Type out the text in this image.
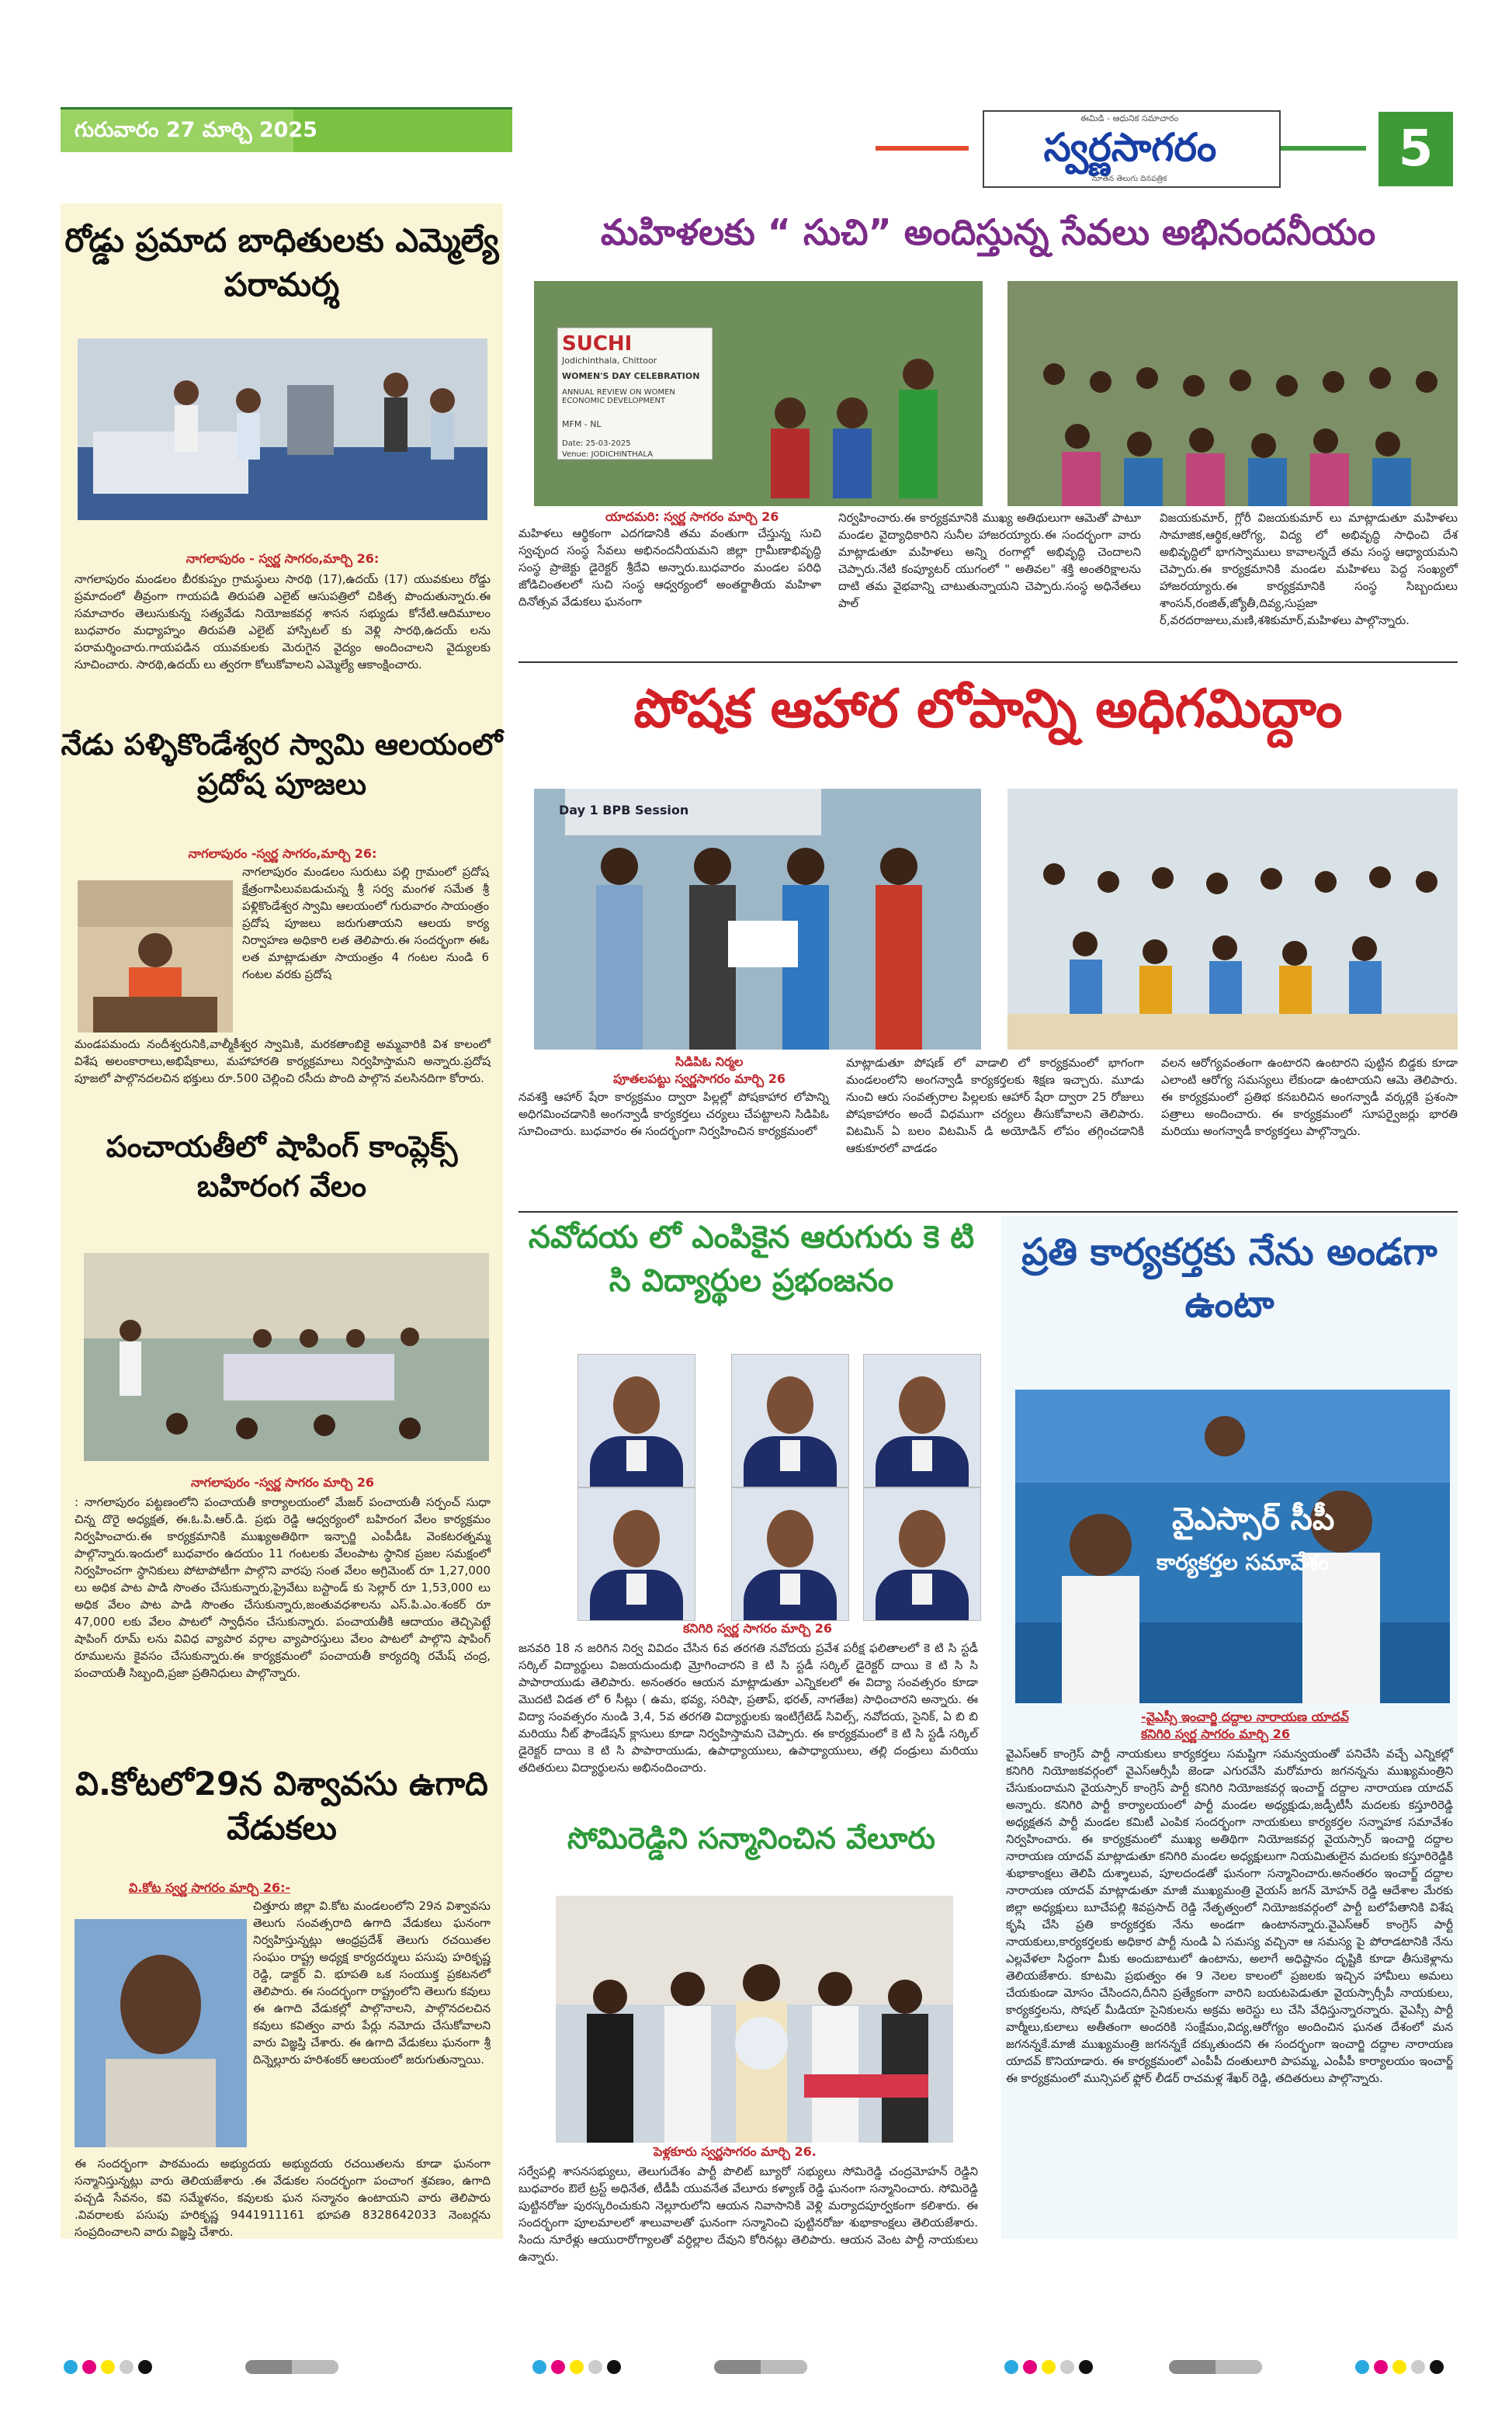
గురువారం 27 మార్చి 2025	ఈమిడి - ఆధునిక సమాచారం
స్వర్ణసాగరం
నూతన తెలుగు దినపత్రిక
5
రోడ్డు ప్రమాద బాధితులకు ఎమ్మెల్యే పరామర్శ
నాగలాపురం - స్వర్ణ సాగరం,మార్చి 26:
నాగలాపురం మండలం బీరకుప్పం గ్రామస్థులు సారథి (17),ఉదయ్ (17) యువకులు రోడ్డు ప్రమాదంలో తీవ్రంగా గాయపడి తిరుపతి ఎలైట్ ఆసుపత్రిలో చికిత్స పొందుతున్నారు.ఈ సమాచారం తెలుసుకున్న సత్యవేడు నియోజకవర్గ శాసన సభ్యుడు కోనేటి.ఆదిమూలం బుధవారం మధ్యాహ్నం తిరుపతి ఎలైట్ హాస్పిటల్ కు వెళ్లి సారథి,ఉదయ్ లను పరామర్శించారు.గాయపడిన యువకులకు మెరుగైన వైద్యం అందించాలని వైద్యులకు సూచించారు. సారథి,ఉదయ్ లు త్వరగా కోలుకోవాలని ఎమ్మెల్యే ఆకాంక్షించారు.
నేడు పళ్ళికొండేశ్వర స్వామి ఆలయంలో ప్రదోష పూజలు
నాగలాపురం -స్వర్ణ సాగరం,మార్చి 26:
నాగలాపురం మండలం సురుటు పల్లి గ్రామంలో ప్రదోష క్షేత్రంగాపిలువబడుచున్న శ్రీ సర్వ మంగళ సమేత శ్రీ పళ్లికొండేశ్వర స్వామి ఆలయంలో గురువారం సాయంత్రం ప్రదోష పూజలు జరుగుతాయని ఆలయ కార్య నిర్వాహణ అధికారి లత తెలిపారు.ఈ సందర్భంగా ఈఓ లత మాట్లాడుతూ సాయంత్రం 4 గంటల నుండి 6 గంటల వరకు ప్రదోష
మండపమందు నందీశ్వరునికి,వాల్మీకీశ్వర స్వామికి, మరకతాంబికై అమ్మవారికి విశ కాలంలో విశేష అలంకారాలు,అభిషేకాలు, మహాహారతి కార్యక్రమాలు నిర్వహిస్తామని అన్నారు.ప్రదోష పూజలో పాల్గొనదలచిన భక్తులు రూ.500 చెల్లించి రసీదు పొంది పాల్గొన వలసినదిగా కోరారు.
పంచాయతీలో షాపింగ్ కాంప్లెక్స్ బహిరంగ వేలం
నాగలాపురం -స్వర్ణ సాగరం మార్చి 26
: నాగలాపురం పట్టణంలోని పంచాయతీ కార్యాలయంలో మేజర్ పంచాయతీ సర్పంచ్ సుధా చిన్న దొరై అధ్యక్షత, ఈ.ఓ.పి.ఆర్.డి. ప్రభు రెడ్డి ఆధ్వర్యంలో బహిరంగ వేలం కార్యక్రమం నిర్వహించారు.ఈ కార్యక్రమానికి ముఖ్యఅతిథిగా ఇన్చార్జి ఎంపీడీఓ వెంకటరత్నమ్మ పాల్గొన్నారు.ఇందులో బుధవారం ఉదయం 11 గంటలకు వేలంపాట స్థానిక ప్రజల సమక్షంలో నిర్వహించగా స్థానికులు పోటాపోటీగా పాల్గొని వారపు సంత వేలం అగ్రిమెంట్ రూ 1,27,000 లు అధిక పాట పాడి సొంతం చేసుకున్నారు,ప్రైవేటు బస్టాండ్ కు సెల్లార్ రూ 1,53,000 లు అధిక వేలం పాట పాడి సొంతం చేసుకున్నారు,జంతువధశాలను ఎస్.పి.ఎం.శంకర్ రూ 47,000 లకు వేలం పాటలో స్వాధీనం చేసుకున్నారు. పంచాయతీకి ఆదాయం తెచ్చిపెట్టే షాపింగ్ రూమ్ లను వివిధ వ్యాపార వర్గాల వ్యాపారస్తులు వేలం పాటలో పాల్గొని షాపింగ్ రూములను కైవసం చేసుకున్నారు.ఈ కార్యక్రమంలో పంచాయతీ కార్యదర్శి రమేష్ చంద్ర, పంచాయతీ సిబ్బంది,ప్రజా ప్రతినిధులు పాల్గొన్నారు.
వి.కోటలో29న విశ్వావసు ఉగాది వేడుకలు
వి.కోట స్వర్ణ సాగరం మార్చి 26:-
చిత్తూరు జిల్లా వి.కోట మండలంలోని 29న విశ్వావసు తెలుగు సంవత్సరాది ఉగాది వేడుకలు ఘనంగా నిర్వహిస్తున్నట్లు ఆంధ్రప్రదేశ్ తెలుగు రచయితల సంఘం రాష్ట్ర అధ్యక్ష కార్యదర్శులు పసుపు హరికృష్ణ రెడ్డి, డాక్టర్ వి. భూపతి ఒక సంయుక్త ప్రకటనలో తెలిపారు. ఈ సందర్భంగా రాష్ట్రంలోని తెలుగు కవులు ఈ ఉగాది వేడుకల్లో పాల్గొనాలని, పాల్గొనదలచిన కవులు కవిత్వం వారు పేర్లు నమోదు చేసుకోవాలని వారు విజ్ఞప్తి చేశారు. ఈ ఉగాది వేడుకలు ఘనంగా శ్రీ దిన్నెల్లూరు హరిశంకర్ ఆలయంలో జరుగుతున్నాయి.
ఈ సందర్భంగా పాఠమందు అభ్యుదయ అభ్యుదయ రచయితలను కూడా ఘనంగా సన్మానిస్తున్నట్లు వారు తెలియజేశారు .ఈ వేడుకల సందర్భంగా పంచాంగ శ్రవణం, ఉగాది పచ్చడి సేవనం, కవి సమ్మేళనం, కవులకు ఘన సన్మానం ఉంటాయని వారు తెలిపారు .వివరాలకు పసుపు హరికృష్ణ 9441911161 భూపతి 8328642033 నెంబర్లను సంప్రదించాలని వారు విజ్ఞప్తి చేశారు.
మహిళలకు “ సుచి” అందిస్తున్న సేవలు అభినందనీయం
SUCHI
Jodichinthala, Chittoor
WOMEN'S DAY CELEBRATION
ANNUAL REVIEW ON WOMEN ECONOMIC DEVELOPMENT
MFM - NL
Date: 25-03-2025
Venue: JODICHINTHALA
యాదమరి: స్వర్ణ సాగరం మార్చి 26
మహిళలు ఆర్థికంగా ఎదగడానికి తమ వంతుగా చేస్తున్న సుచి స్వచ్ఛంద సంస్థ సేవలు అభినందనీయమని జిల్లా గ్రామీణాభివృద్ధి సంస్థ ప్రాజెక్టు డైరెక్టర్ శ్రీదేవి అన్నారు.బుధవారం మండల పరిధి జోడిచింతలలో సుచి సంస్థ ఆధ్వర్యంలో అంతర్జాతీయ మహిళా దినోత్సవ వేడుకలు ఘనంగా
నిర్వహించారు.ఈ కార్యక్రమానికి ముఖ్య అతిథులుగా ఆమెతో పాటూ మండల వైద్యాధికారిని సునీల హాజరయ్యారు.ఈ సందర్భంగా వారు మాట్లాడుతూ మహిళలు అన్ని రంగాల్లో అభివృద్ధి చెందాలని చెప్పారు.నేటి కంప్యూటర్ యుగంలో " అతివల" శక్తి అంతరిక్షాలను దాటి తమ వైభవాన్ని చాటుతున్నాయని చెప్పారు.సంస్థ అధినేతలు పాల్
విజయకుమార్, గ్లోరీ విజయకుమార్ లు మాట్లాడుతూ మహిళలు సామాజిక,ఆర్థిక,ఆరోగ్య, విద్య లో అభివృద్ధి సాధించి దేశ అభివృద్ధిలో భాగస్వాములు కావాలన్నదే తమ సంస్థ ఆధ్యాయమని చెప్పారు.ఈ కార్యక్రమానికి మండల మహిళలు పెద్ద సంఖ్యలో హాజరయ్యారు.ఈ కార్యక్రమానికి సంస్థ సిబ్బందులు శాంసన్,రంజిత్,జ్యోతీ,దివ్య,సుప్రజా ర్,వరదరాజులు,మణి,శశికుమార్,మహిళలు పాల్గొన్నారు.
పోషక ఆహార లోపాన్ని అధిగమిద్దాం
Day 1 BPB Session
సిడిపిఓ నిర్మల
పూతలపట్టు స్వర్ణసాగరం మార్చి 26
నవశక్తి ఆహార్ షేరా కార్యక్రమం ద్వారా పిల్లల్లో పోషకాహార లోపాన్ని అధిగమించడానికి అంగన్వాడీ కార్యకర్తలు చర్యలు చేపట్టాలని సిడిపిఓ సూచించారు. బుధవారం ఈ సందర్భంగా నిర్వహించిన కార్యక్రమంలో
మాట్లాడుతూ పోషణ్ లో వాడాలి లో కార్యక్రమంలో భాగంగా మండలంలోని అంగన్వాడీ కార్యకర్తలకు శిక్షణ ఇచ్చారు. మూడు నుంచి ఆరు సంవత్సరాల పిల్లలకు ఆహార్ షేరా ద్వారా 25 రోజులు పోషకాహారం అందే విధముగా చర్యలు తీసుకోవాలని తెలిపారు. విటమిన్ ఏ బలం విటమిన్ డి అయోడిన్ లోపం తగ్గించడానికి ఆకుకూరలో వాడడం
వలన ఆరోగ్యవంతంగా ఉంటారని ఉంటారని పుట్టిన బిడ్డకు కూడా ఎలాంటి ఆరోగ్య సమస్యలు లేకుండా ఉంటాయని ఆమె తెలిపారు. ఈ కార్యక్రమంలో ప్రతిభ కనబరిచిన అంగన్వాడీ వర్కర్లకి ప్రశంసా పత్రాలు అందించారు. ఈ కార్యక్రమంలో సూపర్వైజర్లు భారతి మరియు అంగన్వాడీ కార్యకర్తలు పాల్గొన్నారు.
నవోదయ లో ఎంపికైన ఆరుగురు కె టి సి విద్యార్థుల ప్రభంజనం
కనిగిరి స్వర్ణ సాగరం మార్చి 26
జనవరి 18 న జరిగిన నిర్వ వివిదం చేసిన 6వ తరగతి నవోదయ ప్రవేశ పరీక్ష ఫలితాలలో కె టి సి స్టడీ సర్కిల్ విద్యార్థులు విజయదుందుభి మ్రోగించారని కె టి సి స్టడీ సర్కిల్ డైరెక్టర్ దాయి కె టి సి సి పాపారాయుడు తెలిపారు. అనంతరం ఆయన మాట్లాడుతూ ఎన్నికలలో ఈ విద్యా సంవత్సరం కూడా మొదటి విడత లో 6 సీట్లు ( ఉమ, భవ్య, సరిషా, ప్రతాప్, భరత్, నాగతేజ) సాధించారని అన్నారు. ఈ విద్యా సంవత్సరం నుండి 3,4, 5వ తరగతి విద్యార్థులకు ఇంటిగ్రేటెడ్ సివిల్స్, నవోదయ, సైనిక్, ఏ బి బి మరియు నీట్ ఫౌండేషన్ క్లాసులు కూడా నిర్వహిస్తామని చెప్పారు. ఈ కార్యక్రమంలో కె టి సి స్టడీ సర్కిల్ డైరెక్టర్ దాయి కె టి సి పాపారాయుడు, ఉపాధ్యాయులు, ఉపాధ్యాయులు, తల్లి దండ్రులు మరియు తదితరులు విద్యార్థులను అభినందించారు.
సోమిరెడ్డిని సన్మానించిన వేలూరు
పెళ్లకూరు స్వర్ణసాగరం మార్చి 26.
సర్వేపల్లి శాసనసభ్యులు, తెలుగుదేశం పార్టీ పొలిట్ బ్యూరో సభ్యులు సోమిరెడ్డి చంద్రమోహన్ రెడ్డిని బుధవారం ఔలే ట్రస్ట్ అధినేత, టీడీపీ యువనేత వేలూరు కళ్యాణ్ రెడ్డి ఘనంగా సన్మానించారు. సోమిరెడ్డి పుట్టినరోజు పురస్కరించుకుని నెల్లూరులోని ఆయన నివాసానికి వెళ్లి మర్యాదపూర్వకంగా కలిశారు. ఈ సందర్భంగా పూలమాలలో శాలువాలతో ఘనంగా సన్మానించి పుట్టినరోజు శుభాకాంక్షలు తెలియజేశారు. సిందు నూరేళ్లు ఆయురారోగ్యాలతో వర్ధిల్లాల దేవుని కోరినట్లు తెలిపారు. ఆయన వెంట పార్టీ నాయకులు ఉన్నారు.
ప్రతి కార్యకర్తకు నేను అండగా ఉంటా
వైఎస్సార్ సీపీ
కార్యకర్తల సమావేశం
-వైఎస్సీ ఇంచార్జి దద్దాల నారాయణ యాదవ్
కనిగిరి స్వర్ణ సాగరం మార్చి 26
వైఎస్ఆర్ కాంగ్రెస్ పార్టీ నాయకులు కార్యకర్తలు సమష్టిగా సమన్వయంతో పనిచేసి వచ్చే ఎన్నికల్లో కనిగిరి నియోజకవర్గంలో వైఎస్ఆర్సీపీ జెండా ఎగురవేసి మరోమారు జగనన్నను ముఖ్యమంత్రిని చేసుకుందామని వైయస్సార్ కాంగ్రెస్ పార్టీ కనిగిరి నియోజకవర్గ ఇంచార్జ్ దద్దాల నారాయణ యాదవ్ అన్నారు. కనిగిరి పార్టీ కార్యాలయంలో పార్టీ మండల అధ్యక్షుడు,జడ్పీటీసీ మదలకు కస్తూరిరెడ్డి అధ్యక్షతన పార్టీ మండల కమిటీ ఎంపిక సందర్భంగా నాయకులు కార్యకర్తల సన్నాహక సమావేశం నిర్వహించారు. ఈ కార్యక్రమంలో ముఖ్య అతిథిగా నియోజకవర్గ వైయస్సార్ ఇంచార్జి దద్దాల నారాయణ యాదవ్ మాట్లాడుతూ కనిగిరి మండల అధ్యక్షులుగా నియమితులైన మదలకు కస్తూరిరెడ్డికి శుభాకాంక్షలు తెలిపి దుశ్శాలువ, పూలదండతో ఘనంగా సన్మానించారు.అనంతరం ఇంచార్జ్ దద్దాల నారాయణ యాదవ్ మాట్లాడుతూ మాజీ ముఖ్యమంత్రి వైయస్ జగన్ మోహన్ రెడ్డి ఆదేశాల మేరకు జిల్లా అధ్యక్షులు బూచేపల్లి శివప్రసాద్ రెడ్డి నేతృత్వంలో నియోజకవర్గంలో పార్టీ బలోపేతానికి విశేష కృషి చేసి ప్రతి కార్యకర్తకు నేను అండగా ఉంటానన్నారు.వైఎస్ఆర్ కాంగ్రెస్ పార్టీ నాయకులు,కార్యకర్తలకు అధికార పార్టీ నుండి ఏ సమస్య వచ్చినా ఆ సమస్య పై పోరాడటానికి నేను ఎల్లవేళలా సిద్ధంగా మీకు అందుబాటులో ఉంటాను, అలాగే అధిష్టానం దృష్టికి కూడా తీసుకెళ్లాను తెలియజేశారు. కూటమి ప్రభుత్వం ఈ 9 నెలల కాలంలో ప్రజలకు ఇచ్చిన హామీలు అమలు చేయకుండా మోసం చేసిందని,దీనిని ప్రత్యేకంగా వారిని బయటపెడుతూ వైయస్సార్సీపీ నాయకులు, కార్యకర్తలను, సోషల్ మీడియా సైనికులను అక్రమ అరెస్టు లు చేసి వేధిస్తున్నారన్నారు. వైఎస్సీ పార్టీ వార్మీలు,కులాలు అతీతంగా అందరికి సంక్షేమం,విద్య,ఆరోగ్యం అందించిన ఘనత దేశంలో మన జగనన్నకే.మాజీ ముఖ్యమంత్రి జగనన్నకే దక్కుతుందని ఈ సందర్భంగా ఇంచార్జి దద్దాల నారాయణ యాదవ్ కొనియాడారు. ఈ కార్యక్రమంలో ఎంపీపీ దంతులూరి పాపమ్మ, ఎంపీపీ కార్యాలయం ఇంచార్జ్ ఈ కార్యక్రమంలో మున్సిపల్ ఫ్లోర్ లీడర్ రాచమళ్ల శేఖర్ రెడ్డి, తదితరులు పాల్గొన్నారు.
